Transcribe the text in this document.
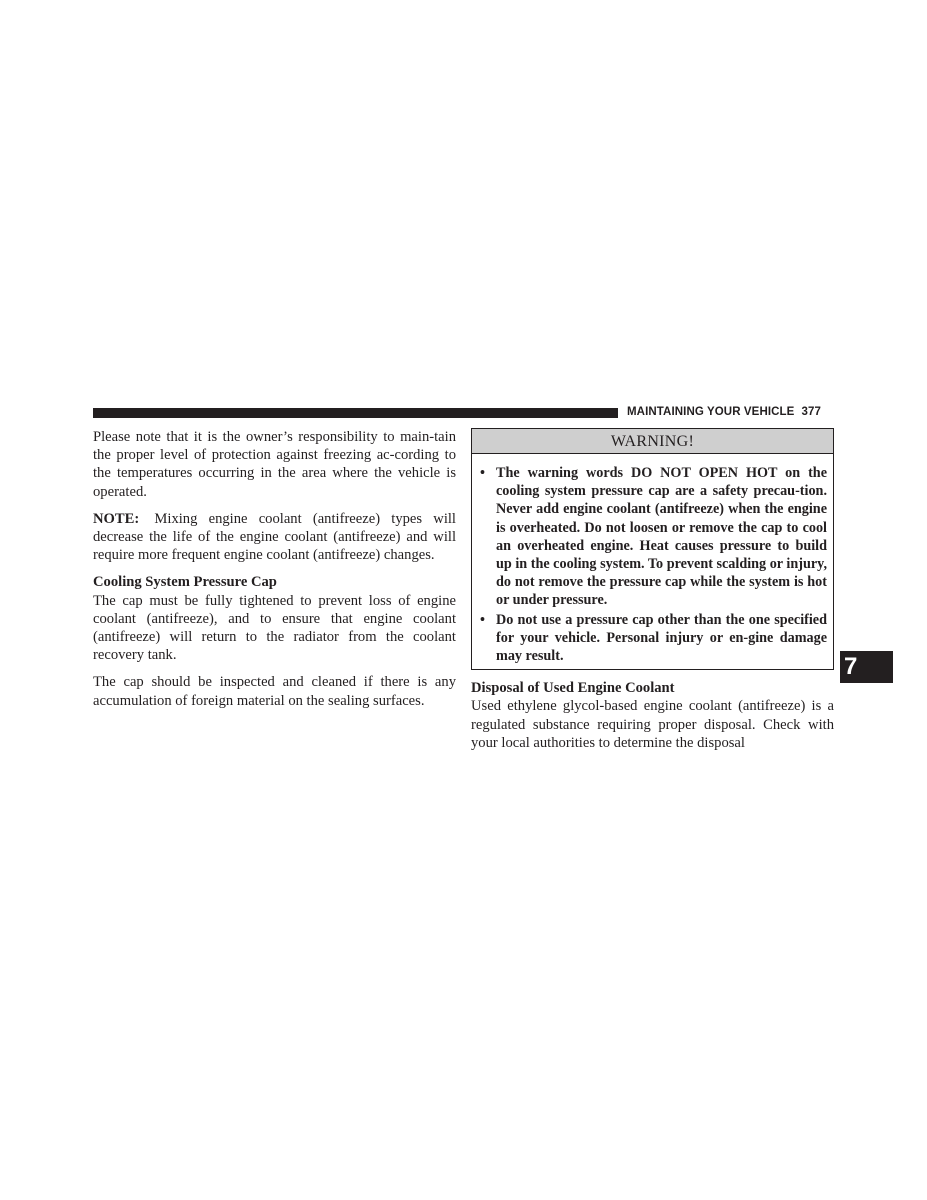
MAINTAINING YOUR VEHICLE 377
7

Please note that it is the owner’s responsibility to main-tain the proper level of protection against freezing ac-cording to the temperatures occurring in the area where the vehicle is operated.

NOTE: Mixing engine coolant (antifreeze) types will decrease the life of the engine coolant (antifreeze) and will require more frequent engine coolant (antifreeze) changes.

Cooling System Pressure Cap

The cap must be fully tightened to prevent loss of engine coolant (antifreeze), and to ensure that engine coolant (antifreeze) will return to the radiator from the coolant recovery tank.

The cap should be inspected and cleaned if there is any accumulation of foreign material on the sealing surfaces.

WARNING!
• The warning words DO NOT OPEN HOT on the cooling system pressure cap are a safety precau-tion. Never add engine coolant (antifreeze) when the engine is overheated. Do not loosen or remove the cap to cool an overheated engine. Heat causes pressure to build up in the cooling system. To prevent scalding or injury, do not remove the pressure cap while the system is hot or under pressure.
• Do not use a pressure cap other than the one specified for your vehicle. Personal injury or en-gine damage may result.
Disposal of Used Engine Coolant

Used ethylene glycol-based engine coolant (antifreeze) is a regulated substance requiring proper disposal. Check with your local authorities to determine the disposal
